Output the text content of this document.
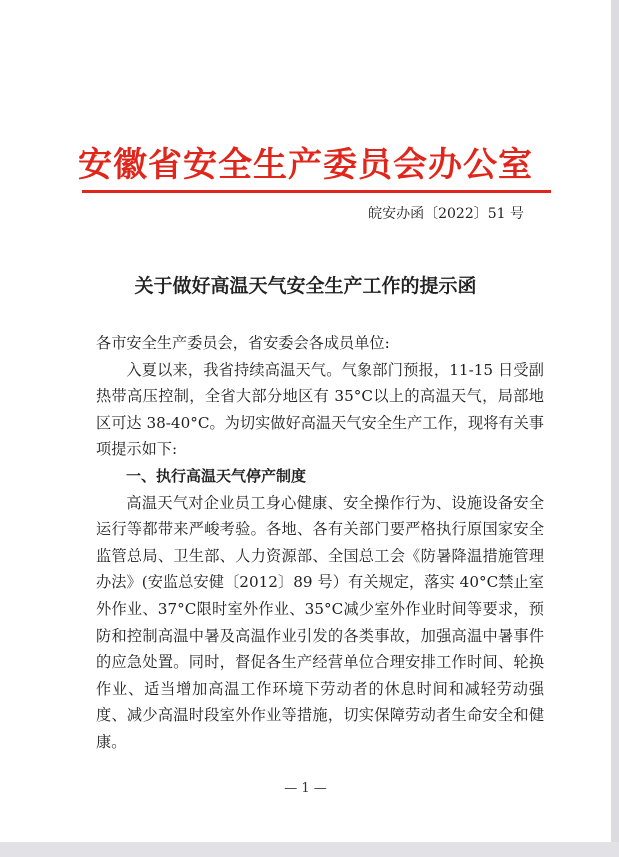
安徽省安全生产委员会办公室
皖安办函〔2022〕51 号
关于做好高温天气安全生产工作的提示函

各市安全生产委员会，省安委会各成员单位:

入夏以来，我省持续高温天气。气象部门预报，11-15 日受副热带高压控制，全省大部分地区有 35°C以上的高温天气，局部地区可达 38-40°C。为切实做好高温天气安全生产工作，现将有关事项提示如下:

一、执行高温天气停产制度

高温天气对企业员工身心健康、安全操作行为、设施设备安全运行等都带来严峻考验。各地、各有关部门要严格执行原国家安全监管总局、卫生部、人力资源部、全国总工会《防暑降温措施管理办法》(安监总安健〔2012〕89 号）有关规定，落实 40°C禁止室外作业、37°C限时室外作业、35°C减少室外作业时间等要求，预防和控制高温中暑及高温作业引发的各类事故，加强高温中暑事件的应急处置。同时，督促各生产经营单位合理安排工作时间、轮换作业、适当增加高温工作环境下劳动者的休息时间和减轻劳动强度、减少高温时段室外作业等措施，切实保障劳动者生命安全和健康。

— 1 —
